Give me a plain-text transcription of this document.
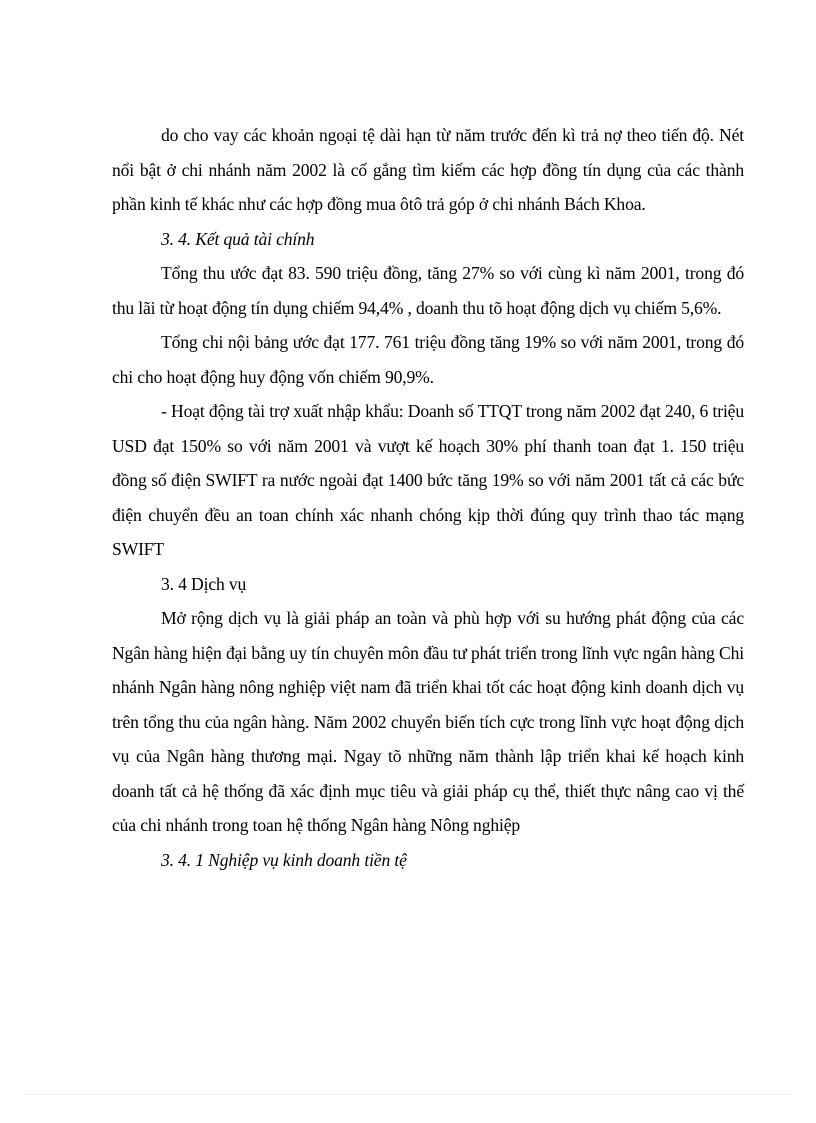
do cho vay các khoản ngoại tệ dài hạn từ năm trước đến kì trả nợ theo tiến độ. Nét nổi bật ở chi nhánh năm 2002 là cố gắng tìm kiếm các hợp đồng tín dụng của các thành phần kinh tế khác như các hợp đồng mua ôtô trả góp ở chi nhánh Bách Khoa.

3. 4. Kết quả tài chính

Tổng thu ước đạt 83. 590 triệu đồng, tăng 27% so với cùng kì năm 2001, trong đó thu lãi từ hoạt động tín dụng chiếm 94,4% , doanh thu tõ hoạt động dịch vụ chiếm 5,6%.

Tổng chi nội bảng ước đạt 177. 761 triệu đồng tăng 19% so với năm 2001, trong đó chi cho hoạt động huy động vốn chiếm 90,9%.

- Hoạt động tài trợ xuất nhập khẩu: Doanh số TTQT trong năm 2002 đạt 240, 6 triệu USD đạt 150% so với năm 2001 và vượt kế hoạch 30% phí thanh toan đạt 1. 150 triệu đồng số điện SWIFT ra nước ngoài đạt 1400 bức tăng 19% so với năm 2001 tất cả các bức điện chuyển đều an toan chính xác nhanh chóng kịp thời đúng quy trình thao tác mạng SWIFT

3. 4 Dịch vụ

Mở rộng dịch vụ là giải pháp an toàn và phù hợp với su hướng phát động của các Ngân hàng hiện đại bằng uy tín chuyên môn đầu tư phát triển trong lĩnh vực ngân hàng Chi nhánh Ngân hàng nông nghiệp việt nam đã triển khai tốt các hoạt động kinh doanh dịch vụ trên tổng thu của ngân hàng. Năm 2002 chuyển biến tích cực trong lĩnh vực hoạt động dịch vụ của Ngân hàng thương mại. Ngay tõ những năm thành lập triển khai kế hoạch kinh doanh tất cả hệ thống đã xác định mục tiêu và giải pháp cụ thể, thiết thực nâng cao vị thế của chi nhánh trong toan hệ thống Ngân hàng Nông nghiệp

3. 4. 1 Nghiệp vụ kinh doanh tiền tệ
